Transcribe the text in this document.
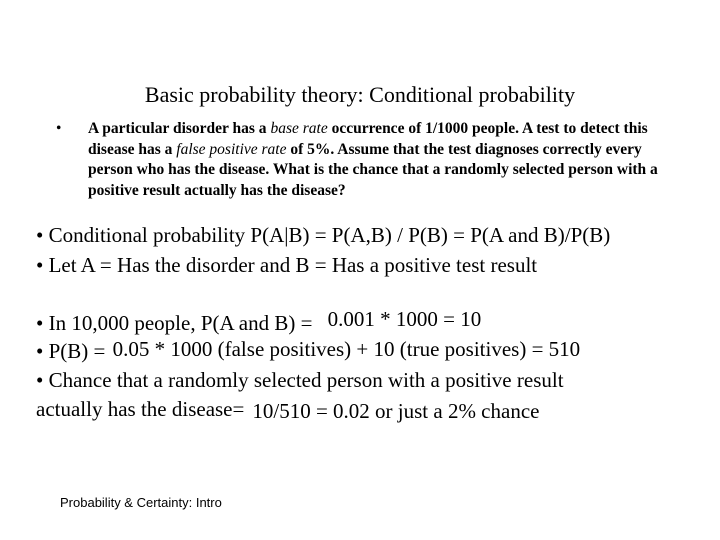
Basic probability theory: Conditional probability
• A particular disorder has a base rate occurrence of 1/1000 people. A test to detect this disease has a false positive rate of 5%. Assume that the test diagnoses correctly every person who has the disease. What is the chance that a randomly selected person with a positive result actually has the disease?
• Conditional probability P(A|B) = P(A,B) / P(B) = P(A and B)/P(B)
• Let A = Has the disorder and B = Has a positive test result
• In 10,000 people, P(A and B) = 0.001 * 1000 = 10
• P(B) = 0.05 * 1000 (false positives) + 10 (true positives) = 510
• Chance that a randomly selected person with a positive result
actually has the disease= 10/510 = 0.02 or just a 2% chance
Probability & Certainty: Intro
